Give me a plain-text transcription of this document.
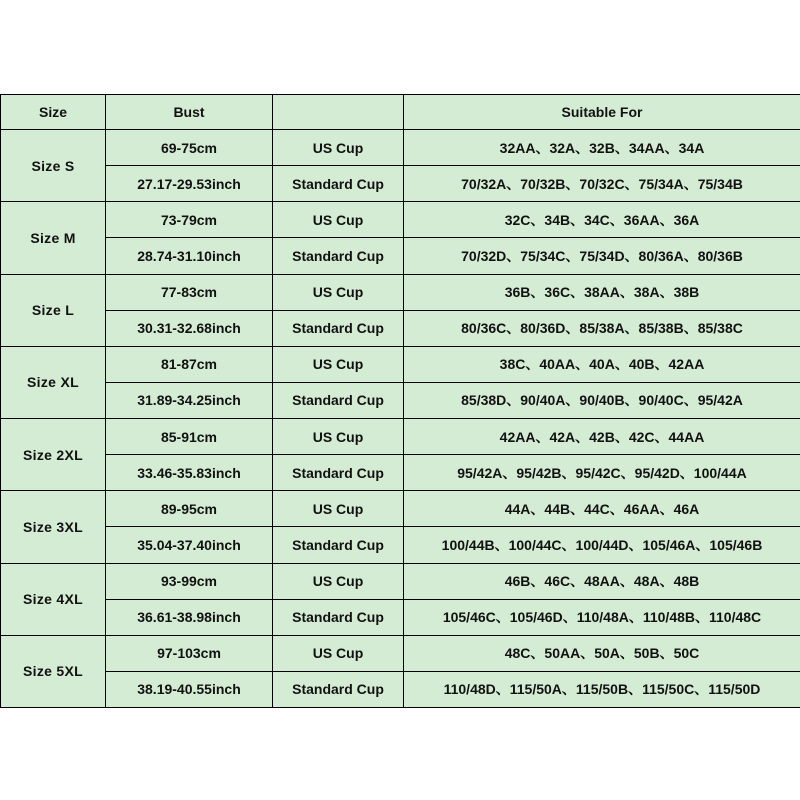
Size	Bust		Suitable For
Size S	69-75cm	US Cup	32AA、32A、32B、34AA、34A
	27.17-29.53inch	Standard Cup	70/32A、70/32B、70/32C、75/34A、75/34B
Size M	73-79cm	US Cup	32C、34B、34C、36AA、36A
	28.74-31.10inch	Standard Cup	70/32D、75/34C、75/34D、80/36A、80/36B
Size L	77-83cm	US Cup	36B、36C、38AA、38A、38B
	30.31-32.68inch	Standard Cup	80/36C、80/36D、85/38A、85/38B、85/38C
Size XL	81-87cm	US Cup	38C、40AA、40A、40B、42AA
	31.89-34.25inch	Standard Cup	85/38D、90/40A、90/40B、90/40C、95/42A
Size 2XL	85-91cm	US Cup	42AA、42A、42B、42C、44AA
	33.46-35.83inch	Standard Cup	95/42A、95/42B、95/42C、95/42D、100/44A
Size 3XL	89-95cm	US Cup	44A、44B、44C、46AA、46A
	35.04-37.40inch	Standard Cup	100/44B、100/44C、100/44D、105/46A、105/46B
Size 4XL	93-99cm	US Cup	46B、46C、48AA、48A、48B
	36.61-38.98inch	Standard Cup	105/46C、105/46D、110/48A、110/48B、110/48C
Size 5XL	97-103cm	US Cup	48C、50AA、50A、50B、50C
	38.19-40.55inch	Standard Cup	110/48D、115/50A、115/50B、115/50C、115/50D
